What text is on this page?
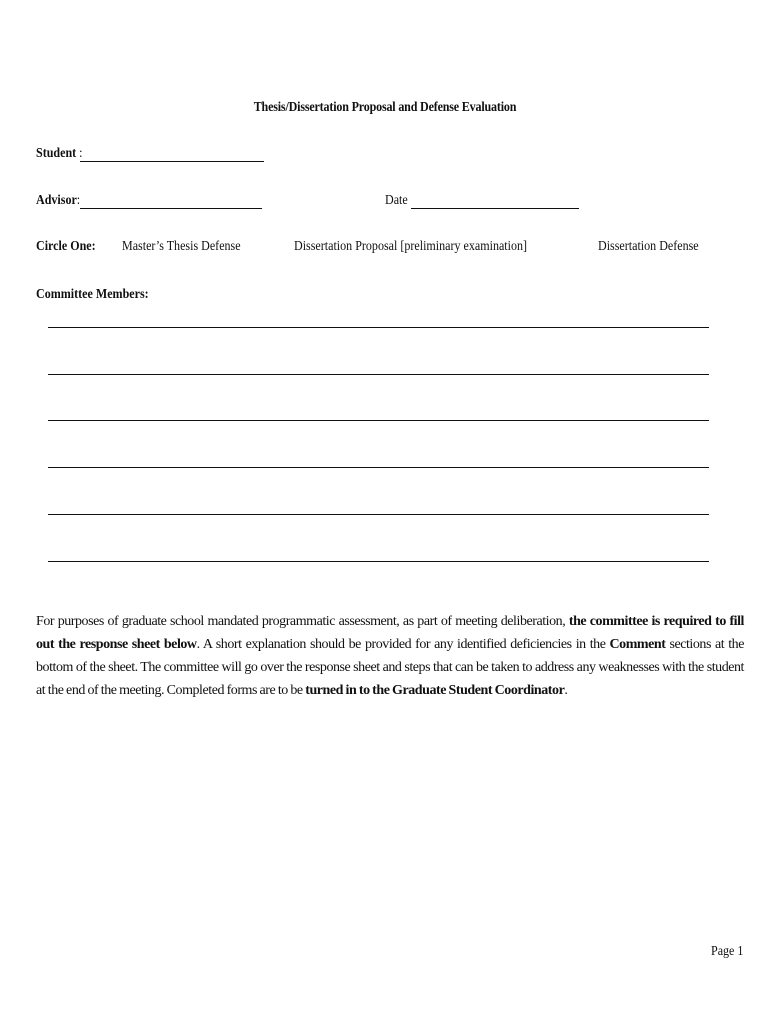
Thesis/Dissertation Proposal and Defense Evaluation
Student :
Advisor:	Date
Circle One: Master’s Thesis Defense	Dissertation Proposal [preliminary examination]	Dissertation Defense
Committee Members:
For purposes of graduate school mandated programmatic assessment, as part of meeting deliberation, the committee is required to fill out the response sheet below. A short explanation should be provided for any identified deficiencies in the Comment sections at the bottom of the sheet. The committee will go over the response sheet and steps that can be taken to address any weaknesses with the student at the end of the meeting. Completed forms are to be turned in to the Graduate Student Coordinator.
Page 1
